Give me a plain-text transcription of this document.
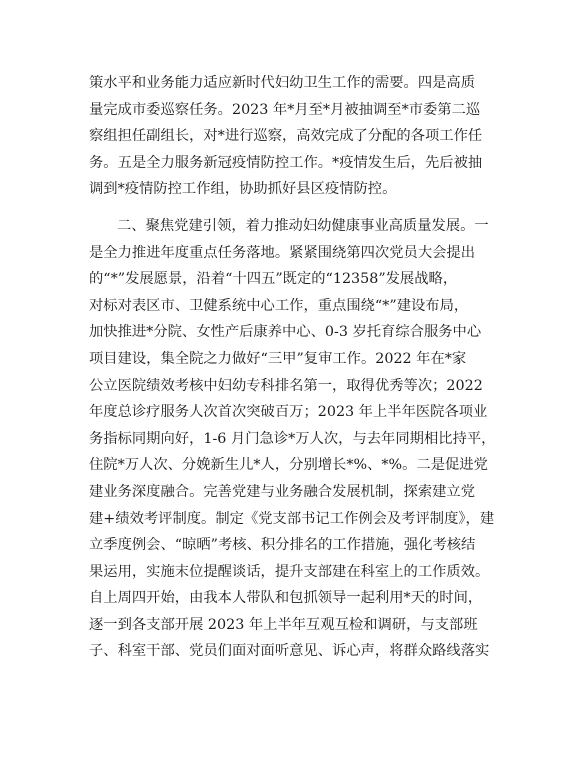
策水平和业务能力适应新时代妇幼卫生工作的需要。四是高质
量完成市委巡察任务。2023 年*月至*月被抽调至*市委第二巡
察组担任副组长，对*进行巡察，高效完成了分配的各项工作任
务。五是全力服务新冠疫情防控工作。*疫情发生后，先后被抽
调到*疫情防控工作组，协助抓好县区疫情防控。
二、聚焦党建引领，着力推动妇幼健康事业高质量发展。一
是全力推进年度重点任务落地。紧紧围绕第四次党员大会提出
的“*”发展愿景，沿着“十四五”既定的“12358”发展战略，
对标对表区市、卫健系统中心工作，重点围绕“*”建设布局，
加快推进*分院、女性产后康养中心、0-3 岁托育综合服务中心
项目建设，集全院之力做好“三甲”复审工作。2022 年在*家
公立医院绩效考核中妇幼专科排名第一，取得优秀等次；2022
年度总诊疗服务人次首次突破百万；2023 年上半年医院各项业
务指标同期向好，1-6 月门急诊*万人次，与去年同期相比持平，
住院*万人次、分娩新生儿*人，分别增长*%、*%。二是促进党
建业务深度融合。完善党建与业务融合发展机制，探索建立党
建+绩效考评制度。制定《党支部书记工作例会及考评制度》，建
立季度例会、“晾晒”考核、积分排名的工作措施，强化考核结
果运用，实施末位提醒谈话，提升支部建在科室上的工作质效。
自上周四开始，由我本人带队和包抓领导一起利用*天的时间，
逐一到各支部开展 2023 年上半年互观互检和调研，与支部班
子、科室干部、党员们面对面听意见、诉心声，将群众路线落实
